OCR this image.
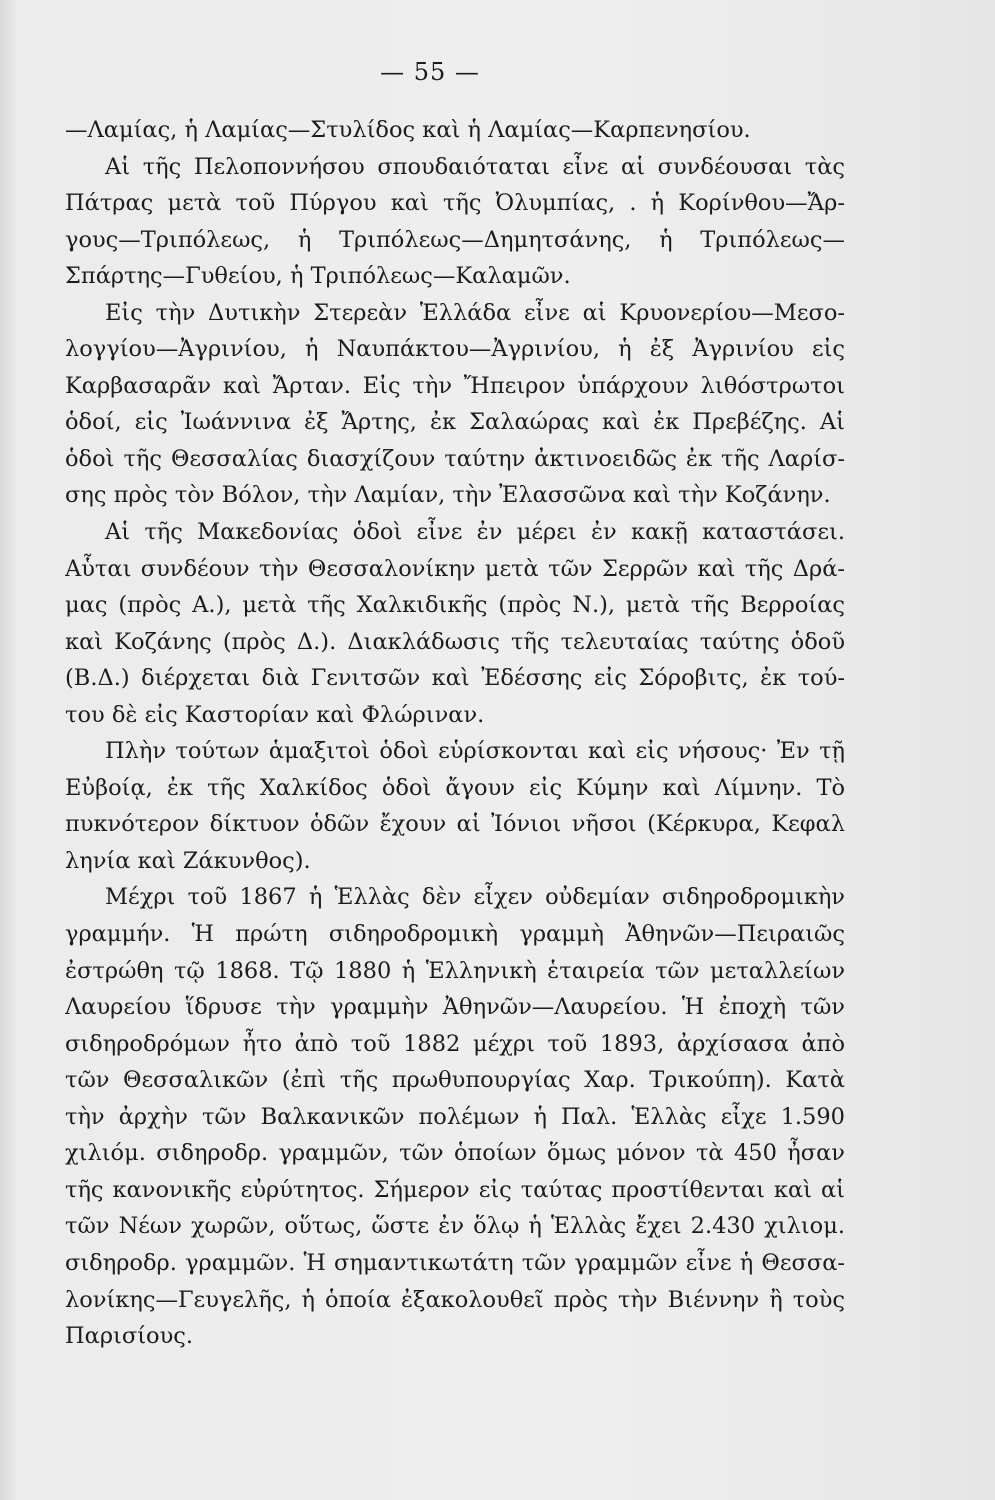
— 55 —
—Λαμίας, ἡ Λαμίας—Στυλίδος καὶ ἡ Λαμίας—Καρπενησίου.
Αἱ τῆς Πελοποννήσου σπουδαιόταται εἶνε αἱ συνδέουσαι τὰς
Πάτρας μετὰ τοῦ Πύργου καὶ τῆς Ὀλυμπίας, . ἡ Κορίνθου—Ἄρ-
γους—Τριπόλεως, ἡ Τριπόλεως—Δημητσάνης, ἡ Τριπόλεως—
Σπάρτης—Γυθείου, ἡ Τριπόλεως—Καλαμῶν.
Εἰς τὴν Δυτικὴν Στερεὰν Ἑλλάδα εἶνε αἱ Κρυονερίου—Μεσο-
λογγίου—Ἀγρινίου, ἡ Ναυπάκτου—Ἀγρινίου, ἡ ἐξ Ἀγρινίου εἰς
Καρβασαρᾶν καὶ Ἄρταν. Εἰς τὴν Ἤπειρον ὑπάρχουν λιθόστρωτοι
ὁδοί, εἰς Ἰωάννινα ἐξ Ἄρτης, ἐκ Σαλαώρας καὶ ἐκ Πρεβέζης. Αἱ
ὁδοὶ τῆς Θεσσαλίας διασχίζουν ταύτην ἀκτινοειδῶς ἐκ τῆς Λαρίσ-
σης πρὸς τὸν Βόλον, τὴν Λαμίαν, τὴν Ἐλασσῶνα καὶ τὴν Κοζάνην.
Αἱ τῆς Μακεδονίας ὁδοὶ εἶνε ἐν μέρει ἐν κακῇ καταστάσει.
Αὗται συνδέουν τὴν Θεσσαλονίκην μετὰ τῶν Σερρῶν καὶ τῆς Δρά-
μας (πρὸς Α.), μετὰ τῆς Χαλκιδικῆς (πρὸς Ν.), μετὰ τῆς Βερροίας
καὶ Κοζάνης (πρὸς Δ.). Διακλάδωσις τῆς τελευταίας ταύτης ὁδοῦ
(Β.Δ.) διέρχεται διὰ Γενιτσῶν καὶ Ἐδέσσης εἰς Σόροβιτς, ἐκ τού-
του δὲ εἰς Καστορίαν καὶ Φλώριναν.
Πλὴν τούτων ἁμαξιτοὶ ὁδοὶ εὑρίσκονται καὶ εἰς νήσους· Ἐν τῇ
Εὐβοίᾳ, ἐκ τῆς Χαλκίδος ὁδοὶ ἄγουν εἰς Κύμην καὶ Λίμνην. Τὸ
πυκνότερον δίκτυον ὁδῶν ἔχουν αἱ Ἰόνιοι νῆσοι (Κέρκυρα, Κεφαλ
ληνία καὶ Ζάκυνθος).
Μέχρι τοῦ 1867 ἡ Ἑλλὰς δὲν εἶχεν οὐδεμίαν σιδηροδρομικὴν
γραμμήν. Ἡ πρώτη σιδηροδρομικὴ γραμμὴ Ἀθηνῶν—Πειραιῶς
ἐστρώθη τῷ 1868. Τῷ 1880 ἡ Ἑλληνικὴ ἑταιρεία τῶν μεταλλείων
Λαυρείου ἵδρυσε τὴν γραμμὴν Ἀθηνῶν—Λαυρείου. Ἡ ἐποχὴ τῶν
σιδηροδρόμων ἦτο ἀπὸ τοῦ 1882 μέχρι τοῦ 1893, ἀρχίσασα ἀπὸ
τῶν Θεσσαλικῶν (ἐπὶ τῆς πρωθυπουργίας Χαρ. Τρικούπη). Κατὰ
τὴν ἀρχὴν τῶν Βαλκανικῶν πολέμων ἡ Παλ. Ἑλλὰς εἶχε 1.590
χιλιόμ. σιδηροδρ. γραμμῶν, τῶν ὁποίων ὅμως μόνον τὰ 450 ἦσαν
τῆς κανονικῆς εὐρύτητος. Σήμερον εἰς ταύτας προστίθενται καὶ αἱ
τῶν Νέων χωρῶν, οὕτως, ὥστε ἐν ὅλῳ ἡ Ἑλλὰς ἔχει 2.430 χιλιομ.
σιδηροδρ. γραμμῶν. Ἡ σημαντικωτάτη τῶν γραμμῶν εἶνε ἡ Θεσσα-
λονίκης—Γευγελῆς, ἡ ὁποία ἐξακολουθεῖ πρὸς τὴν Βιέννην ἢ τοὺς
Παρισίους.
